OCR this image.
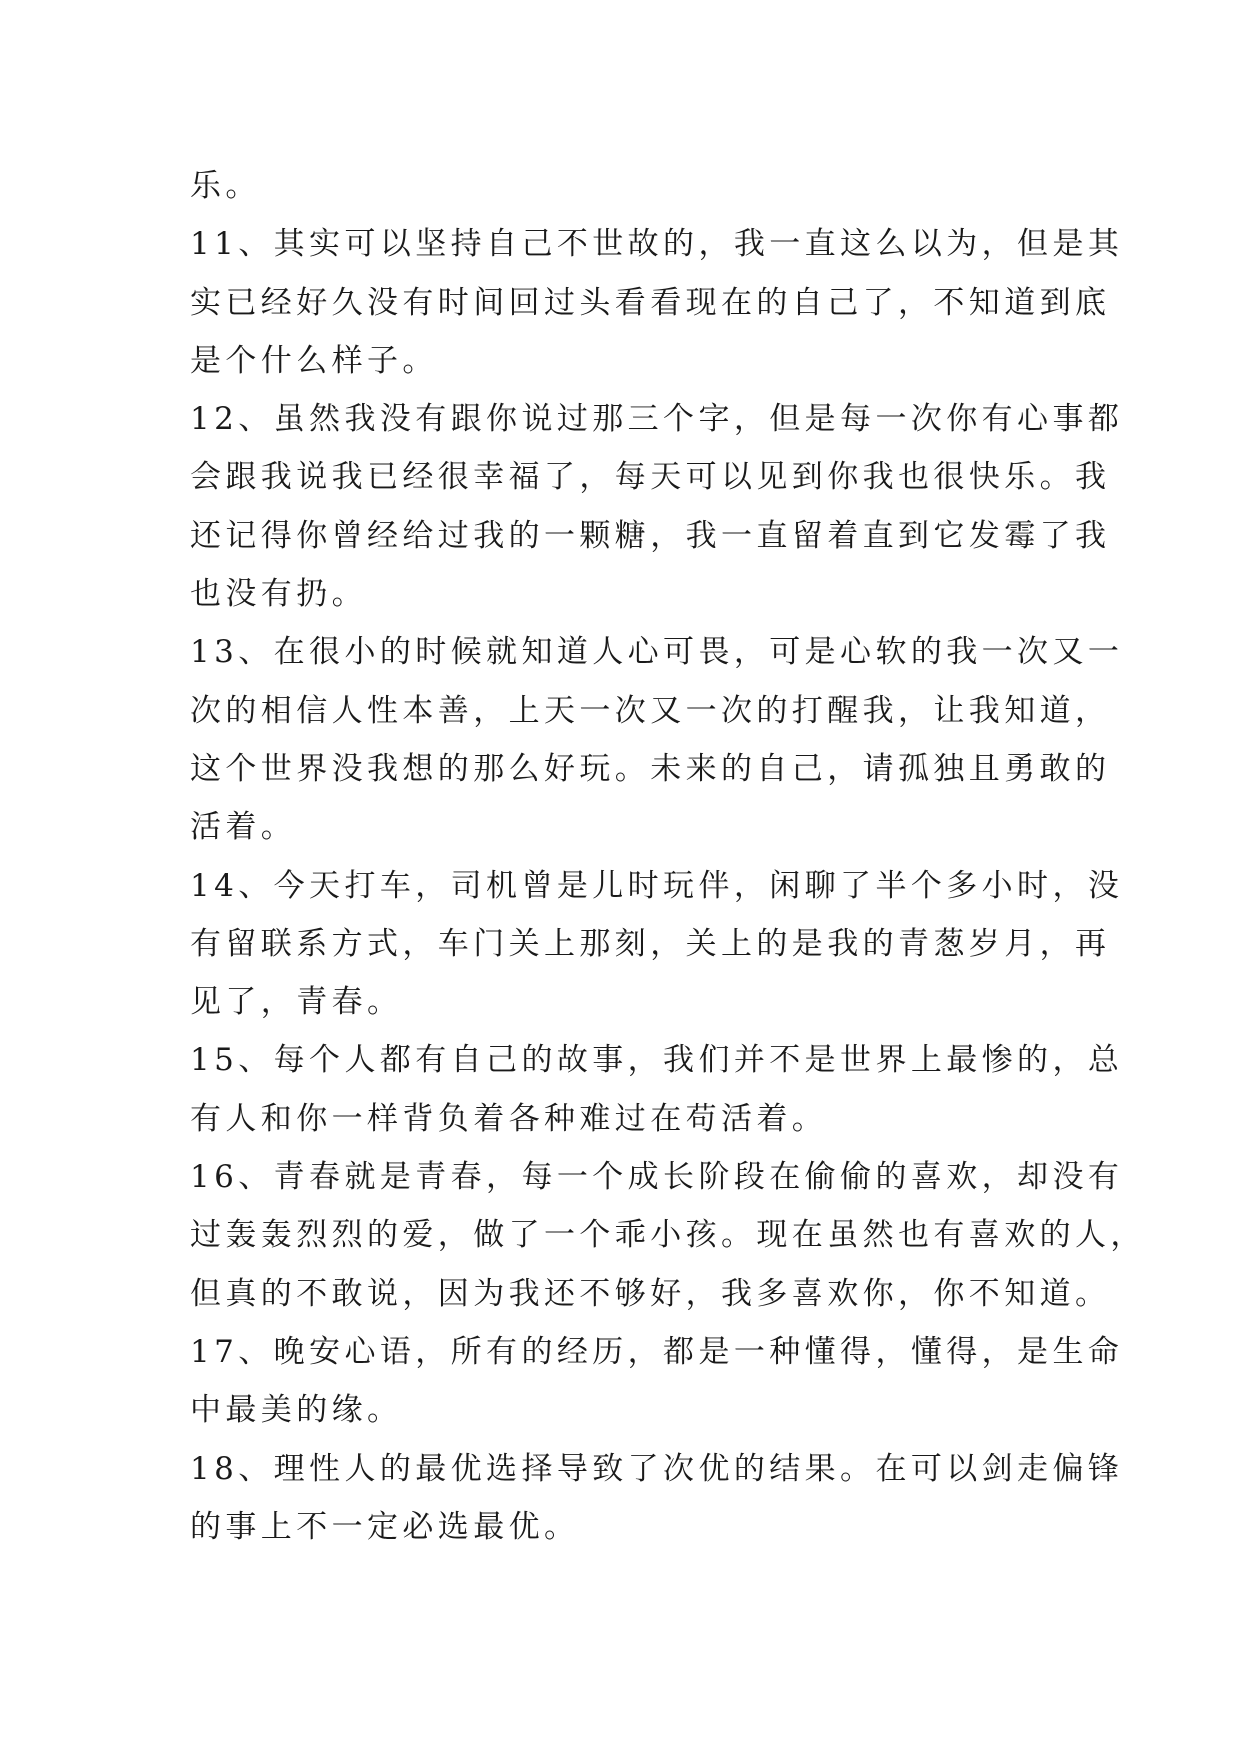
乐。
11、其实可以坚持自己不世故的，我一直这么以为，但是其
实已经好久没有时间回过头看看现在的自己了，不知道到底
是个什么样子。
12、虽然我没有跟你说过那三个字，但是每一次你有心事都
会跟我说我已经很幸福了，每天可以见到你我也很快乐。我
还记得你曾经给过我的一颗糖，我一直留着直到它发霉了我
也没有扔。
13、在很小的时候就知道人心可畏，可是心软的我一次又一
次的相信人性本善，上天一次又一次的打醒我，让我知道，
这个世界没我想的那么好玩。未来的自己，请孤独且勇敢的
活着。
14、今天打车，司机曾是儿时玩伴，闲聊了半个多小时，没
有留联系方式，车门关上那刻，关上的是我的青葱岁月，再
见了，青春。
15、每个人都有自己的故事，我们并不是世界上最惨的，总
有人和你一样背负着各种难过在苟活着。
16、青春就是青春，每一个成长阶段在偷偷的喜欢，却没有
过轰轰烈烈的爱，做了一个乖小孩。现在虽然也有喜欢的人，
但真的不敢说，因为我还不够好，我多喜欢你，你不知道。
17、晚安心语，所有的经历，都是一种懂得，懂得，是生命
中最美的缘。
18、理性人的最优选择导致了次优的结果。在可以剑走偏锋
的事上不一定必选最优。
